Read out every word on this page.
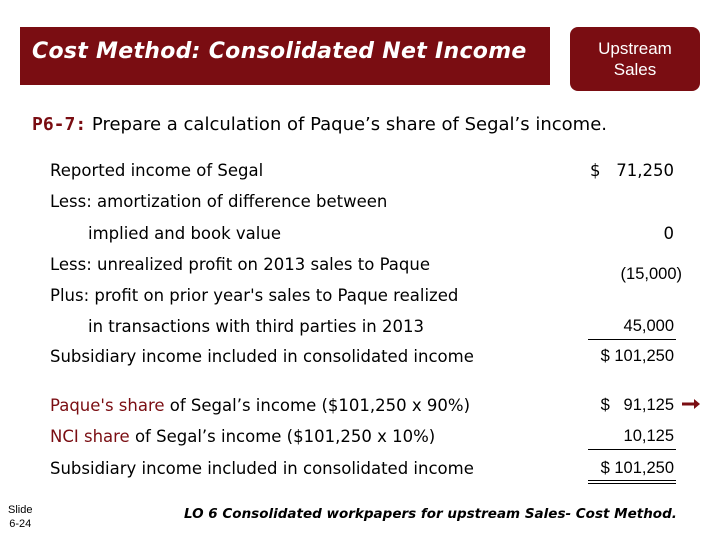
Cost Method: Consolidated Net Income	Upstream
Sales
P6-7: Prepare a calculation of Paque’s share of Segal’s income.
Reported income of Segal	$   71,250
Less: amortization of difference between
implied and book value	0
Less: unrealized profit on 2013 sales to Paque	(15,000)
Plus: profit on prior year's sales to Paque realized
in transactions with third parties in 2013	45,000
Subsidiary income included in consolidated income	$ 101,250
Paque's share of Segal’s income ($101,250 x 90%)	$   91,125
NCI share of Segal’s income ($101,250 x 10%)	10,125
Subsidiary income included in consolidated income	$ 101,250
Slide
6-24
LO 6 Consolidated workpapers for upstream Sales- Cost Method.
